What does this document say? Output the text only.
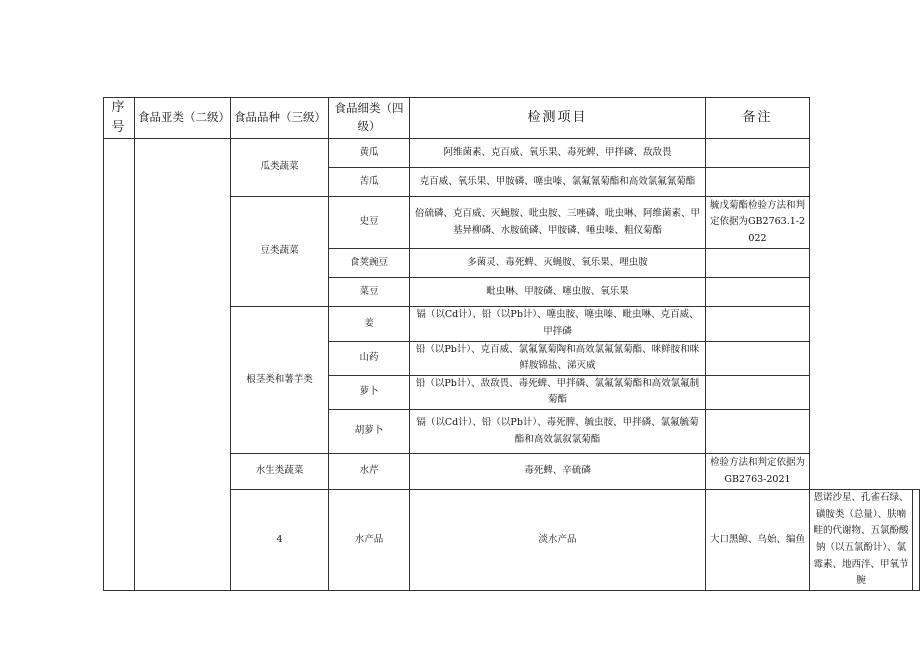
序号	食品亚类（二级）	食品品种（三级）	食品细类（四级）	检测项目	备注		
		瓜类蔬菜	黄瓜	阿维菌素、克百威、氧乐果、毒死蜱、甲拌磷、敌敌畏			
			苦瓜	克百威、氧乐果、甲胺磷、噻虫嗪、氯氟氰菊酯和高效氯氟氰菊酯			
		豆类蔬菜	史豆	倍硫磷、克百威、灭蝇胺、吡虫胺、三唑磷、吡虫啉、阿维菌素、甲基异柳磷、水胺硫磷、甲胺磷、唾虫嗪、粗仪菊酯	毓戊菊酯检验方法和判定依据为GB2763.1-2022		
			食荚豌豆	多菌灵、毒死蜱、灭蝇胺、氧乐果、哩虫胺			
			菜豆	毗虫啉、甲胺磷、噻虫胺、氧乐果			
		根茎类和薯芋类	姜	镉（以Cd计）、铅（以Pb计）、噻虫胺、噻虫嗪、毗虫啉、克百威、甲拌磷			
			山药	铅（以Pb计）、克百威、氯氟氰菊陶和高效氯氟氰菊酯、咪鲜胺和咪鲜胺锦盐、涕灭威			
			萝卜	铅（以Pb计）、敌敌畏、毒死蜱、甲拌磷、氯氟氰菊酯和高效氯氟制菊酯			
			胡萝卜	镉（以Cd计）、铅（以Pb计）、毒死脾、毓虫胺、甲拌磷、氯氟毓菊酯和高效氯叙氯菊酯			
		水生类蔬菜	水芹	毒死蜱、辛硫磷	检验方法和判定依据为GB2763-2021		
		4	水产品	淡水产品	大口黑鲸、乌始、编鱼	恩诺沙星、孔雀石绿、磺胺类（总量）、肤喃畦的代谢物、五氯酚酸钠（以五氯酚计）、氯霉素、地西泮、甲氧节腕	
